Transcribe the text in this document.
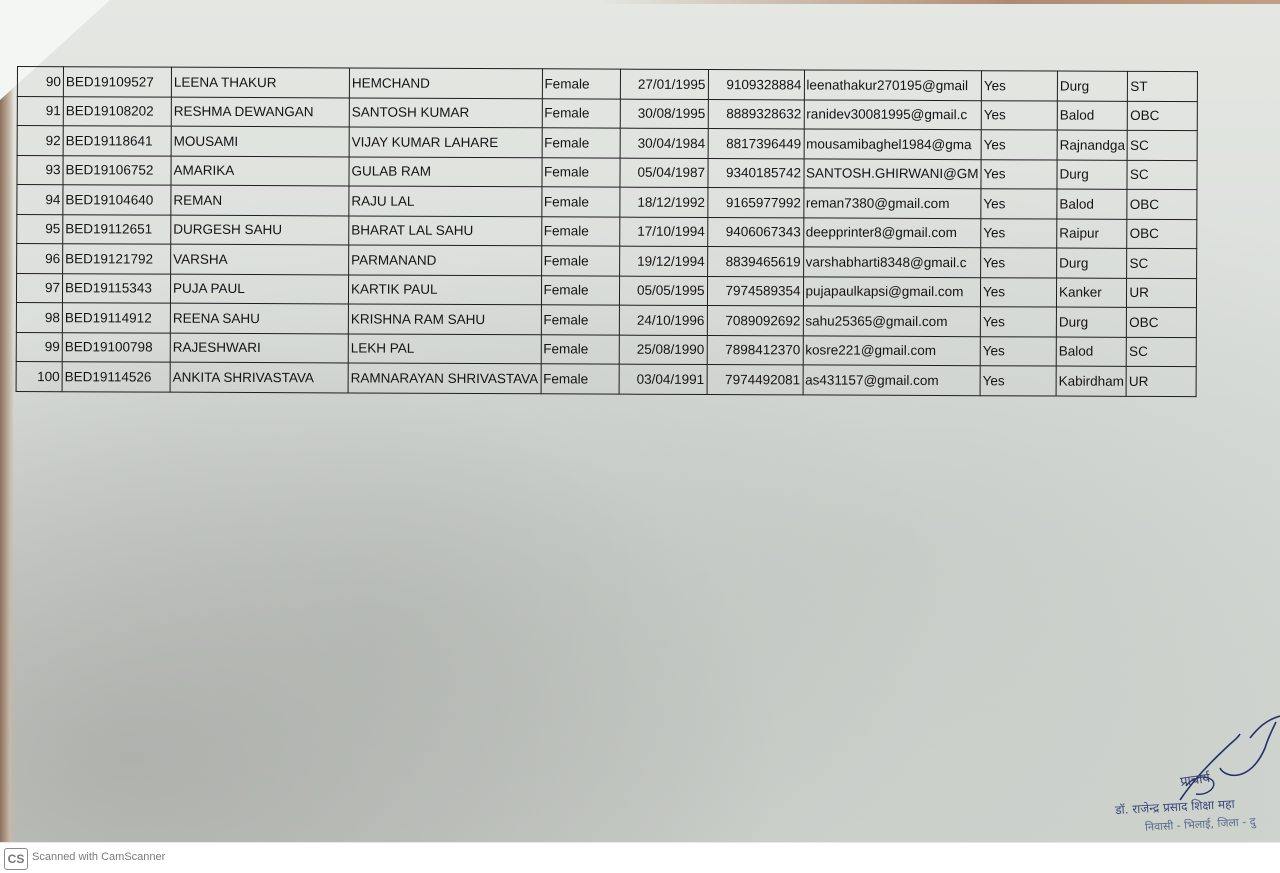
90	BED19109527	LEENA THAKUR	HEMCHAND	Female	27/01/1995	9109328884	leenathakur270195@gmail	Yes	Durg	ST
91	BED19108202	RESHMA DEWANGAN	SANTOSH KUMAR	Female	30/08/1995	8889328632	ranidev30081995@gmail.c	Yes	Balod	OBC
92	BED19118641	MOUSAMI	VIJAY KUMAR LAHARE	Female	30/04/1984	8817396449	mousamibaghel1984@gma	Yes	Rajnandga	SC
93	BED19106752	AMARIKA	GULAB RAM	Female	05/04/1987	9340185742	SANTOSH.GHIRWANI@GM	Yes	Durg	SC
94	BED19104640	REMAN	RAJU LAL	Female	18/12/1992	9165977992	reman7380@gmail.com	Yes	Balod	OBC
95	BED19112651	DURGESH SAHU	BHARAT LAL SAHU	Female	17/10/1994	9406067343	deepprinter8@gmail.com	Yes	Raipur	OBC
96	BED19121792	VARSHA	PARMANAND	Female	19/12/1994	8839465619	varshabharti8348@gmail.c	Yes	Durg	SC
97	BED19115343	PUJA PAUL	KARTIK PAUL	Female	05/05/1995	7974589354	pujapaulkapsi@gmail.com	Yes	Kanker	UR
98	BED19114912	REENA SAHU	KRISHNA RAM SAHU	Female	24/10/1996	7089092692	sahu25365@gmail.com	Yes	Durg	OBC
99	BED19100798	RAJESHWARI	LEKH PAL	Female	25/08/1990	7898412370	kosre221@gmail.com	Yes	Balod	SC
100	BED19114526	ANKITA SHRIVASTAVA	RAMNARAYAN SHRIVASTAVA	Female	03/04/1991	7974492081	as431157@gmail.com	Yes	Kabirdham	UR
प्राचार्य
डॉ. राजेन्द्र प्रसाद शिक्षा महा
निवासी - भिलाई, जिला - दु
CS Scanned with CamScanner
